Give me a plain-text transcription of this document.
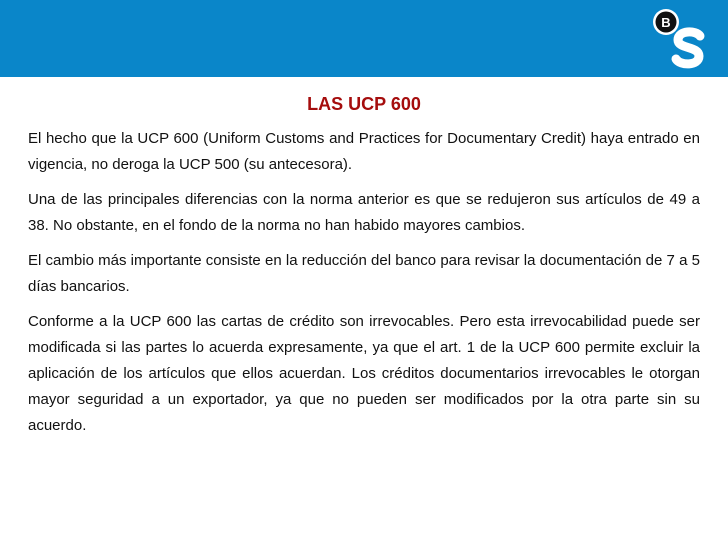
B
LAS UCP 600

El hecho que la UCP 600 (Uniform Customs and Practices for Documentary Credit) haya entrado en vigencia, no deroga la UCP 500 (su antecesora).

Una de las principales diferencias con la norma anterior es que se redujeron sus artículos de 49 a 38. No obstante, en el fondo de la norma no han habido mayores cambios.

El cambio más importante consiste en la reducción del banco para revisar la documentación de 7 a 5 días bancarios.

Conforme a la UCP 600 las cartas de crédito son irrevocables. Pero esta irrevocabilidad puede ser modificada si las partes lo acuerda expresamente, ya que el art. 1 de la UCP 600 permite excluir la aplicación de los artículos que ellos acuerdan. Los créditos documentarios irrevocables le otorgan mayor seguridad a un exportador, ya que no pueden ser modificados por la otra parte sin su acuerdo.
